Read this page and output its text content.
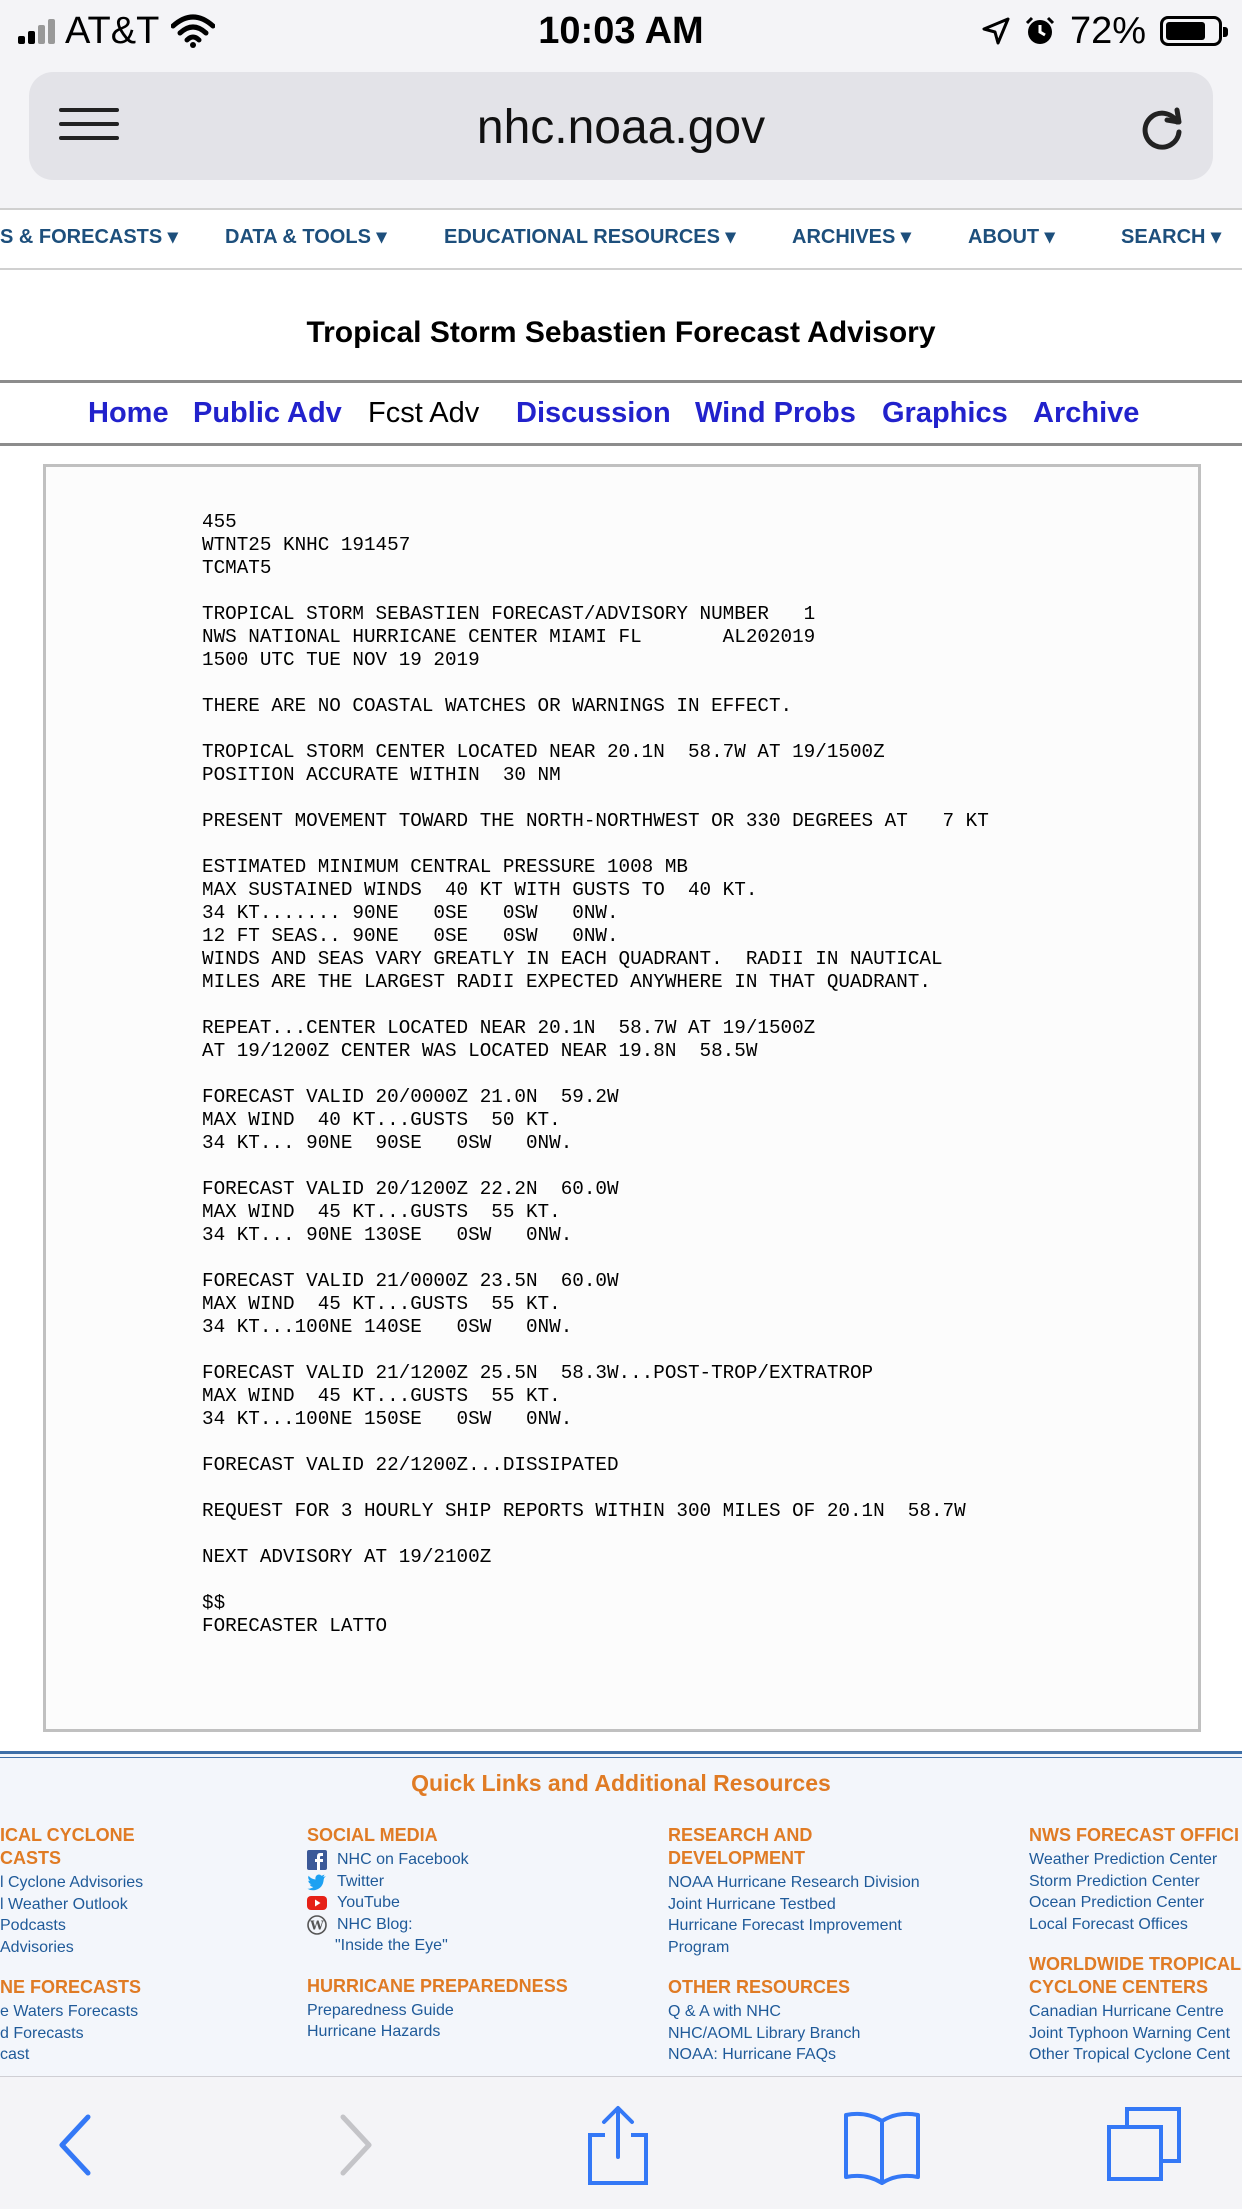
AT&T	10:03 AM	72%
nhc.noaa.gov
S & FORECASTS ▾ DATA & TOOLS ▾	EDUCATIONAL RESOURCES ▾	ARCHIVES ▾	ABOUT ▾	SEARCH ▾
Tropical Storm Sebastien Forecast Advisory
Home Public Adv Fcst Adv Discussion Wind Probs Graphics Archive
455
WTNT25 KNHC 191457
TCMAT5

TROPICAL STORM SEBASTIEN FORECAST/ADVISORY NUMBER   1
NWS NATIONAL HURRICANE CENTER MIAMI FL       AL202019
1500 UTC TUE NOV 19 2019

THERE ARE NO COASTAL WATCHES OR WARNINGS IN EFFECT.

TROPICAL STORM CENTER LOCATED NEAR 20.1N  58.7W AT 19/1500Z
POSITION ACCURATE WITHIN  30 NM

PRESENT MOVEMENT TOWARD THE NORTH-NORTHWEST OR 330 DEGREES AT   7 KT

ESTIMATED MINIMUM CENTRAL PRESSURE 1008 MB
MAX SUSTAINED WINDS  40 KT WITH GUSTS TO  40 KT.
34 KT....... 90NE   0SE   0SW   0NW.
12 FT SEAS.. 90NE   0SE   0SW   0NW.
WINDS AND SEAS VARY GREATLY IN EACH QUADRANT.  RADII IN NAUTICAL
MILES ARE THE LARGEST RADII EXPECTED ANYWHERE IN THAT QUADRANT.

REPEAT...CENTER LOCATED NEAR 20.1N  58.7W AT 19/1500Z
AT 19/1200Z CENTER WAS LOCATED NEAR 19.8N  58.5W

FORECAST VALID 20/0000Z 21.0N  59.2W
MAX WIND  40 KT...GUSTS  50 KT.
34 KT... 90NE  90SE   0SW   0NW.

FORECAST VALID 20/1200Z 22.2N  60.0W
MAX WIND  45 KT...GUSTS  55 KT.
34 KT... 90NE 130SE   0SW   0NW.

FORECAST VALID 21/0000Z 23.5N  60.0W
MAX WIND  45 KT...GUSTS  55 KT.
34 KT...100NE 140SE   0SW   0NW.

FORECAST VALID 21/1200Z 25.5N  58.3W...POST-TROP/EXTRATROP
MAX WIND  45 KT...GUSTS  55 KT.
34 KT...100NE 150SE   0SW   0NW.

FORECAST VALID 22/1200Z...DISSIPATED

REQUEST FOR 3 HOURLY SHIP REPORTS WITHIN 300 MILES OF 20.1N  58.7W

NEXT ADVISORY AT 19/2100Z

$$
FORECASTER LATTO
Quick Links and Additional Resources
ICAL CYCLONE
CASTS
l Cyclone Advisories
l Weather Outlook
Podcasts
Advisories
NE FORECASTS
e Waters Forecasts
d Forecasts
cast
SOCIAL MEDIA
NHC on Facebook
Twitter
YouTube
W NHC Blog:
"Inside the Eye"
HURRICANE PREPAREDNESS
Preparedness Guide
Hurricane Hazards
RESEARCH AND
DEVELOPMENT
NOAA Hurricane Research Division
Joint Hurricane Testbed
Hurricane Forecast Improvement
Program
OTHER RESOURCES
Q & A with NHC
NHC/AOML Library Branch
NOAA: Hurricane FAQs
NWS FORECAST OFFICI
Weather Prediction Center
Storm Prediction Center
Ocean Prediction Center
Local Forecast Offices
WORLDWIDE TROPICAL
CYCLONE CENTERS
Canadian Hurricane Centre
Joint Typhoon Warning Cent
Other Tropical Cyclone Cent
